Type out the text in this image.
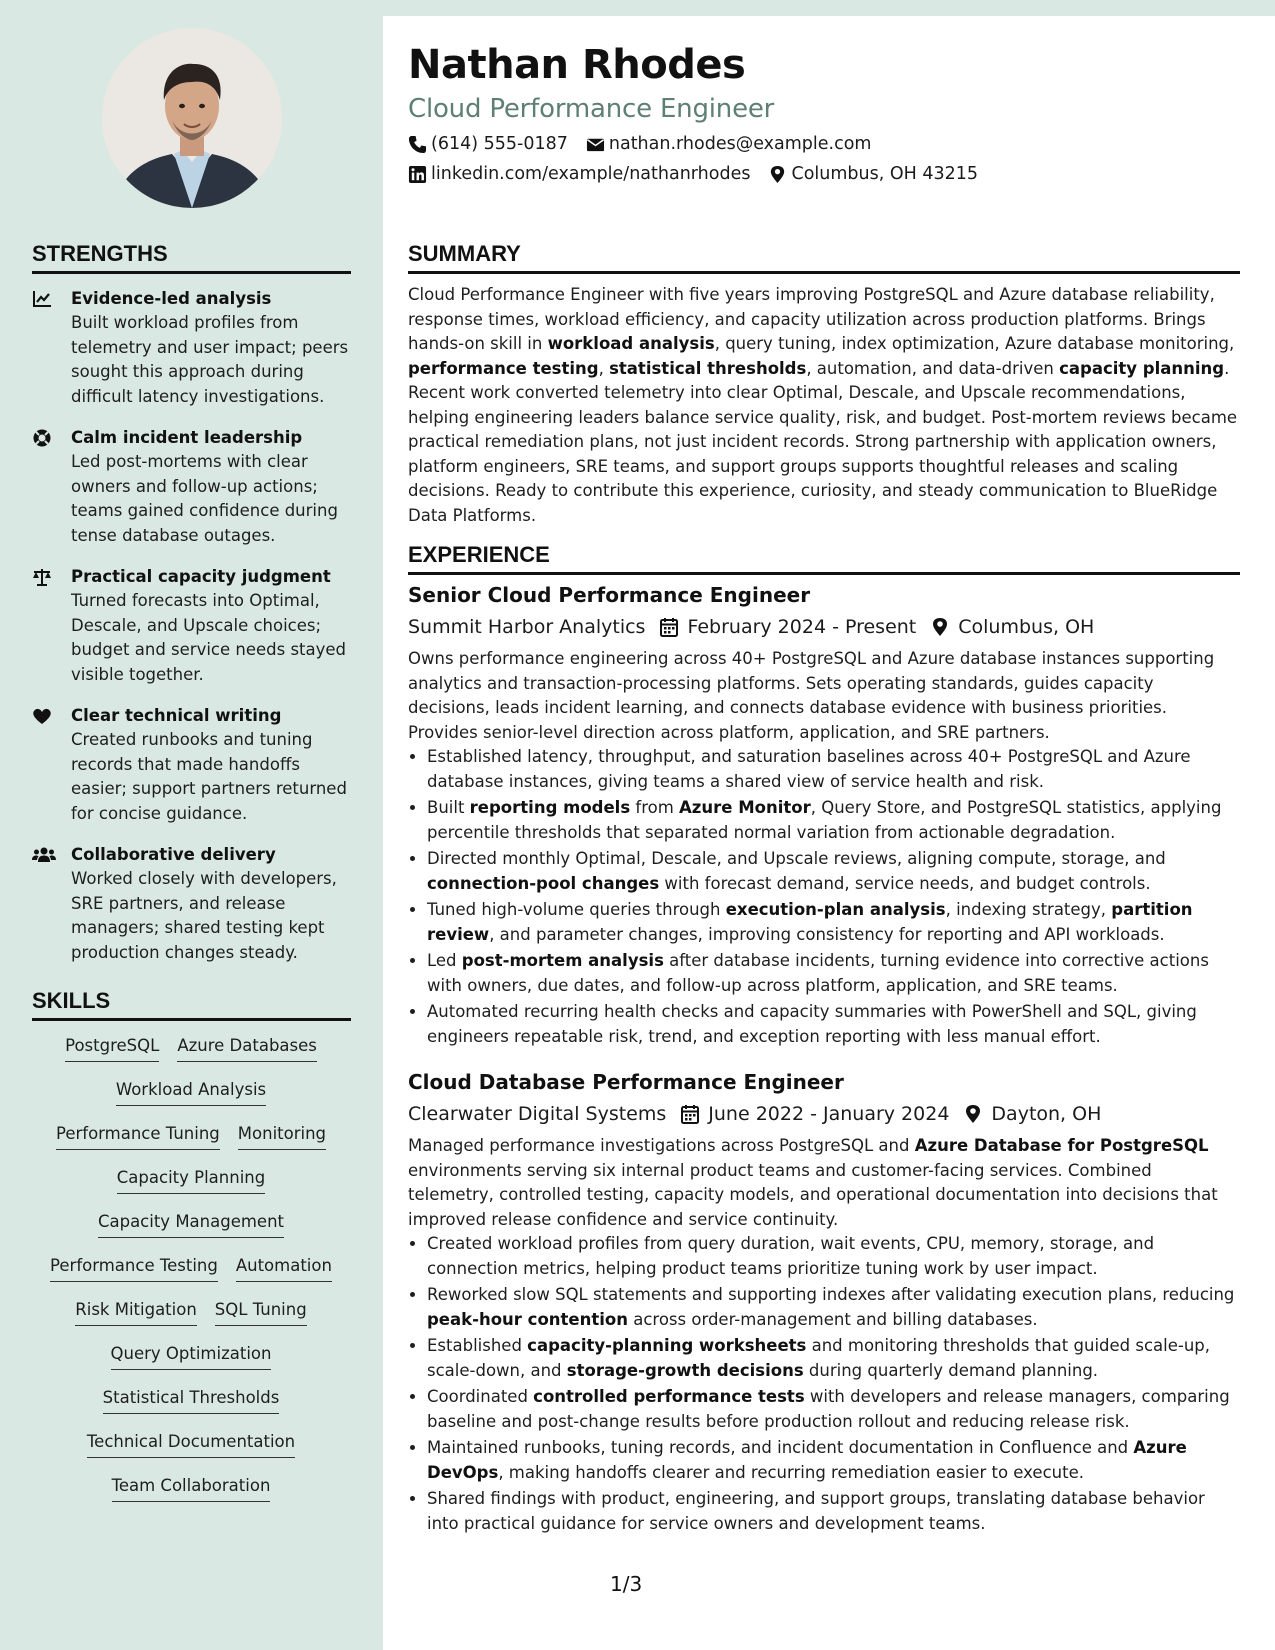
STRENGTHS
Evidence-led analysis
Built workload profiles from telemetry and user impact; peers sought this approach during difficult latency investigations.
Calm incident leadership
Led post-mortems with clear owners and follow-up actions; teams gained confidence during tense database outages.
Practical capacity judgment
Turned forecasts into Optimal, Descale, and Upscale choices; budget and service needs stayed visible together.
Clear technical writing
Created runbooks and tuning records that made handoffs easier; support partners returned for concise guidance.
Collaborative delivery
Worked closely with developers, SRE partners, and release managers; shared testing kept production changes steady.
SKILLS
PostgreSQL Azure Databases
Workload Analysis
Performance Tuning Monitoring
Capacity Planning
Capacity Management
Performance Testing Automation
Risk Mitigation SQL Tuning
Query Optimization
Statistical Thresholds
Technical Documentation
Team Collaboration
Nathan Rhodes
Cloud Performance Engineer
(614) 555-0187 nathan.rhodes@example.com
linkedin.com/example/nathanrhodes Columbus, OH 43215
SUMMARY

Cloud Performance Engineer with five years improving PostgreSQL and Azure database reliability, response times, workload efficiency, and capacity utilization across production platforms. Brings hands-on skill in workload analysis, query tuning, index optimization, Azure database monitoring, performance testing, statistical thresholds, automation, and data-driven capacity planning. Recent work converted telemetry into clear Optimal, Descale, and Upscale recommendations, helping engineering leaders balance service quality, risk, and budget. Post-mortem reviews became practical remediation plans, not just incident records. Strong partnership with application owners, platform engineers, SRE teams, and support groups supports thoughtful releases and scaling decisions. Ready to contribute this experience, curiosity, and steady communication to BlueRidge Data Platforms.

EXPERIENCE
Senior Cloud Performance Engineer
Summit Harbor Analytics February 2024 - Present Columbus, OH

Owns performance engineering across 40+ PostgreSQL and Azure database instances supporting analytics and transaction-processing platforms. Sets operating standards, guides capacity decisions, leads incident learning, and connects database evidence with business priorities. Provides senior-level direction across platform, application, and SRE partners.

• Established latency, throughput, and saturation baselines across 40+ PostgreSQL and Azure database instances, giving teams a shared view of service health and risk.
• Built reporting models from Azure Monitor, Query Store, and PostgreSQL statistics, applying percentile thresholds that separated normal variation from actionable degradation.
• Directed monthly Optimal, Descale, and Upscale reviews, aligning compute, storage, and connection-pool changes with forecast demand, service needs, and budget controls.
• Tuned high-volume queries through execution-plan analysis, indexing strategy, partition review, and parameter changes, improving consistency for reporting and API workloads.
• Led post-mortem analysis after database incidents, turning evidence into corrective actions with owners, due dates, and follow-up across platform, application, and SRE teams.
• Automated recurring health checks and capacity summaries with PowerShell and SQL, giving engineers repeatable risk, trend, and exception reporting with less manual effort.
Cloud Database Performance Engineer
Clearwater Digital Systems June 2022 - January 2024 Dayton, OH

Managed performance investigations across PostgreSQL and Azure Database for PostgreSQL environments serving six internal product teams and customer-facing services. Combined telemetry, controlled testing, capacity models, and operational documentation into decisions that improved release confidence and service continuity.

• Created workload profiles from query duration, wait events, CPU, memory, storage, and connection metrics, helping product teams prioritize tuning work by user impact.
• Reworked slow SQL statements and supporting indexes after validating execution plans, reducing peak-hour contention across order-management and billing databases.
• Established capacity-planning worksheets and monitoring thresholds that guided scale-up, scale-down, and storage-growth decisions during quarterly demand planning.
• Coordinated controlled performance tests with developers and release managers, comparing baseline and post-change results before production rollout and reducing release risk.
• Maintained runbooks, tuning records, and incident documentation in Confluence and Azure DevOps, making handoffs clearer and recurring remediation easier to execute.
• Shared findings with product, engineering, and support groups, translating database behavior into practical guidance for service owners and development teams.
1/3
